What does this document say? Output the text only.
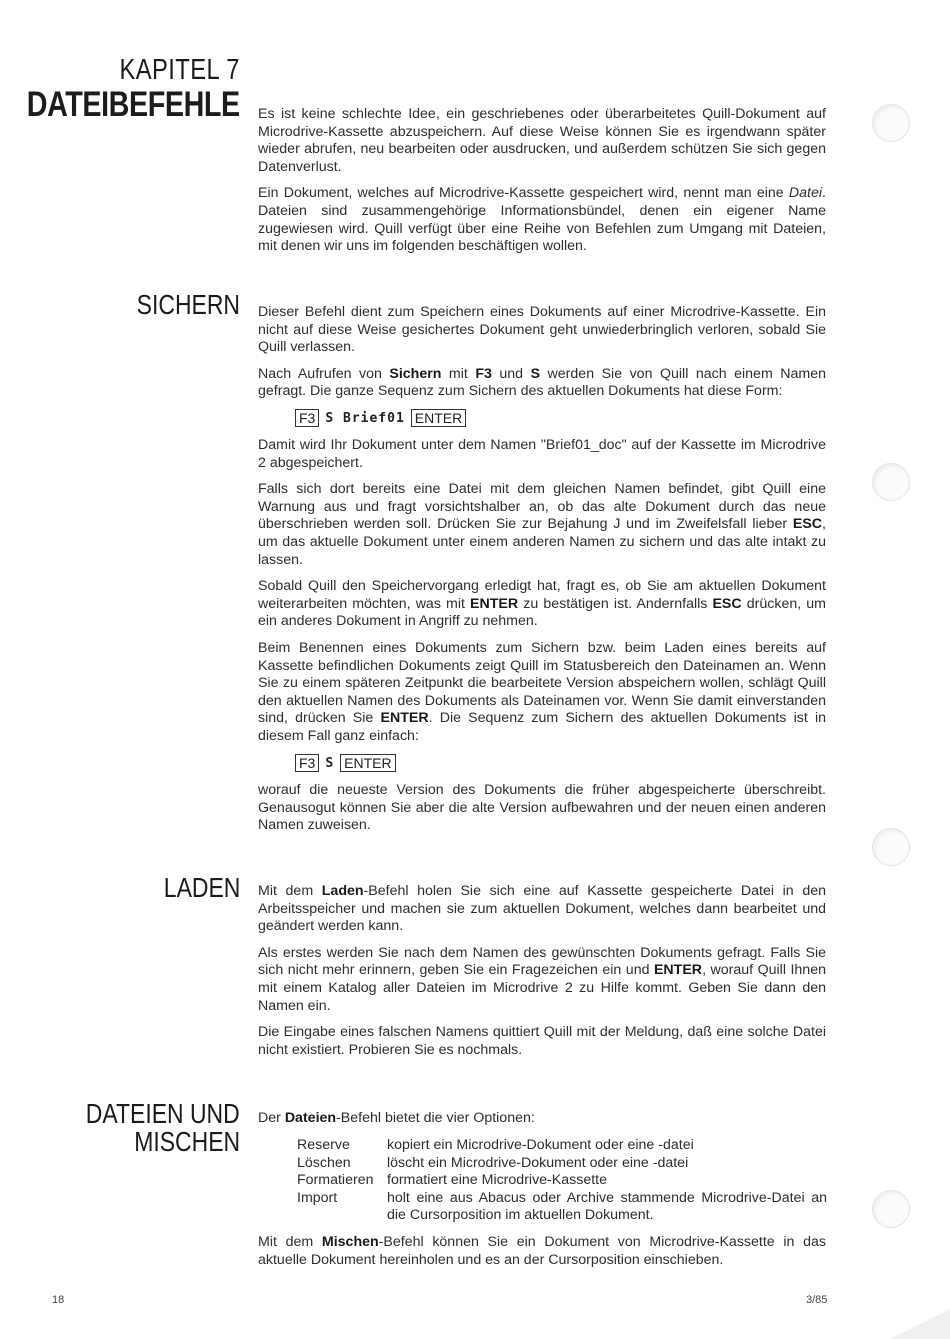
KAPITEL 7
DATEIBEFEHLE Es ist keine schlechte Idee, ein geschriebenes oder überarbeitetes Quill-Dokument auf Microdrive-Kassette abzuspeichern. Auf diese Weise können Sie es irgendwann später wieder abrufen, neu bearbeiten oder ausdrucken, und außerdem schützen Sie sich gegen Datenverlust.

Ein Dokument, welches auf Microdrive-Kassette gespeichert wird, nennt man eine Datei. Dateien sind zusammengehörige Informationsbündel, denen ein eigener Name zugewiesen wird. Quill verfügt über eine Reihe von Befehlen zum Umgang mit Dateien, mit denen wir uns im folgenden beschäftigen wollen.

SICHERN Dieser Befehl dient zum Speichern eines Dokuments auf einer Microdrive-Kassette. Ein nicht auf diese Weise gesichertes Dokument geht unwiederbringlich verloren, sobald Sie Quill verlassen.

Nach Aufrufen von Sichern mit F3 und S werden Sie von Quill nach einem Namen gefragt. Die ganze Sequenz zum Sichern des aktuellen Dokuments hat diese Form:

F3 S Brief01 ENTER

Damit wird Ihr Dokument unter dem Namen "Brief01_doc" auf der Kassette im Microdrive 2 abgespeichert.

Falls sich dort bereits eine Datei mit dem gleichen Namen befindet, gibt Quill eine Warnung aus und fragt vorsichtshalber an, ob das alte Dokument durch das neue überschrieben werden soll. Drücken Sie zur Bejahung J und im Zweifelsfall lieber ESC, um das aktuelle Dokument unter einem anderen Namen zu sichern und das alte intakt zu lassen.

Sobald Quill den Speichervorgang erledigt hat, fragt es, ob Sie am aktuellen Dokument weiterarbeiten möchten, was mit ENTER zu bestätigen ist. Andernfalls ESC drücken, um ein anderes Dokument in Angriff zu nehmen.

Beim Benennen eines Dokuments zum Sichern bzw. beim Laden eines bereits auf Kassette befindlichen Dokuments zeigt Quill im Statusbereich den Dateinamen an. Wenn Sie zu einem späteren Zeitpunkt die bearbeitete Version abspeichern wollen, schlägt Quill den aktuellen Namen des Dokuments als Dateinamen vor. Wenn Sie damit einverstanden sind, drücken Sie ENTER. Die Sequenz zum Sichern des aktuellen Dokuments ist in diesem Fall ganz einfach:

F3 S ENTER

worauf die neueste Version des Dokuments die früher abgespeicherte überschreibt. Genausogut können Sie aber die alte Version aufbewahren und der neuen einen anderen Namen zuweisen.

LADEN Mit dem Laden-Befehl holen Sie sich eine auf Kassette gespeicherte Datei in den Arbeitsspeicher und machen sie zum aktuellen Dokument, welches dann bearbeitet und geändert werden kann.

Als erstes werden Sie nach dem Namen des gewünschten Dokuments gefragt. Falls Sie sich nicht mehr erinnern, geben Sie ein Fragezeichen ein und ENTER, worauf Quill Ihnen mit einem Katalog aller Dateien im Microdrive 2 zu Hilfe kommt. Geben Sie dann den Namen ein.

Die Eingabe eines falschen Namens quittiert Quill mit der Meldung, daß eine solche Datei nicht existiert. Probieren Sie es nochmals.

DATEIEN UND
MISCHEN

Der Dateien-Befehl bietet die vier Optionen:

Reserve	kopiert ein Microdrive-Dokument oder eine -datei
Löschen	löscht ein Microdrive-Dokument oder eine -datei
Formatieren formatiert eine Microdrive-Kassette
Import	holt eine aus Abacus oder Archive stammende Microdrive-Datei an die Cursorposition im aktuellen Dokument.

Mit dem Mischen-Befehl können Sie ein Dokument von Microdrive-Kassette in das aktuelle Dokument hereinholen und es an der Cursorposition einschieben.

18	3/85
